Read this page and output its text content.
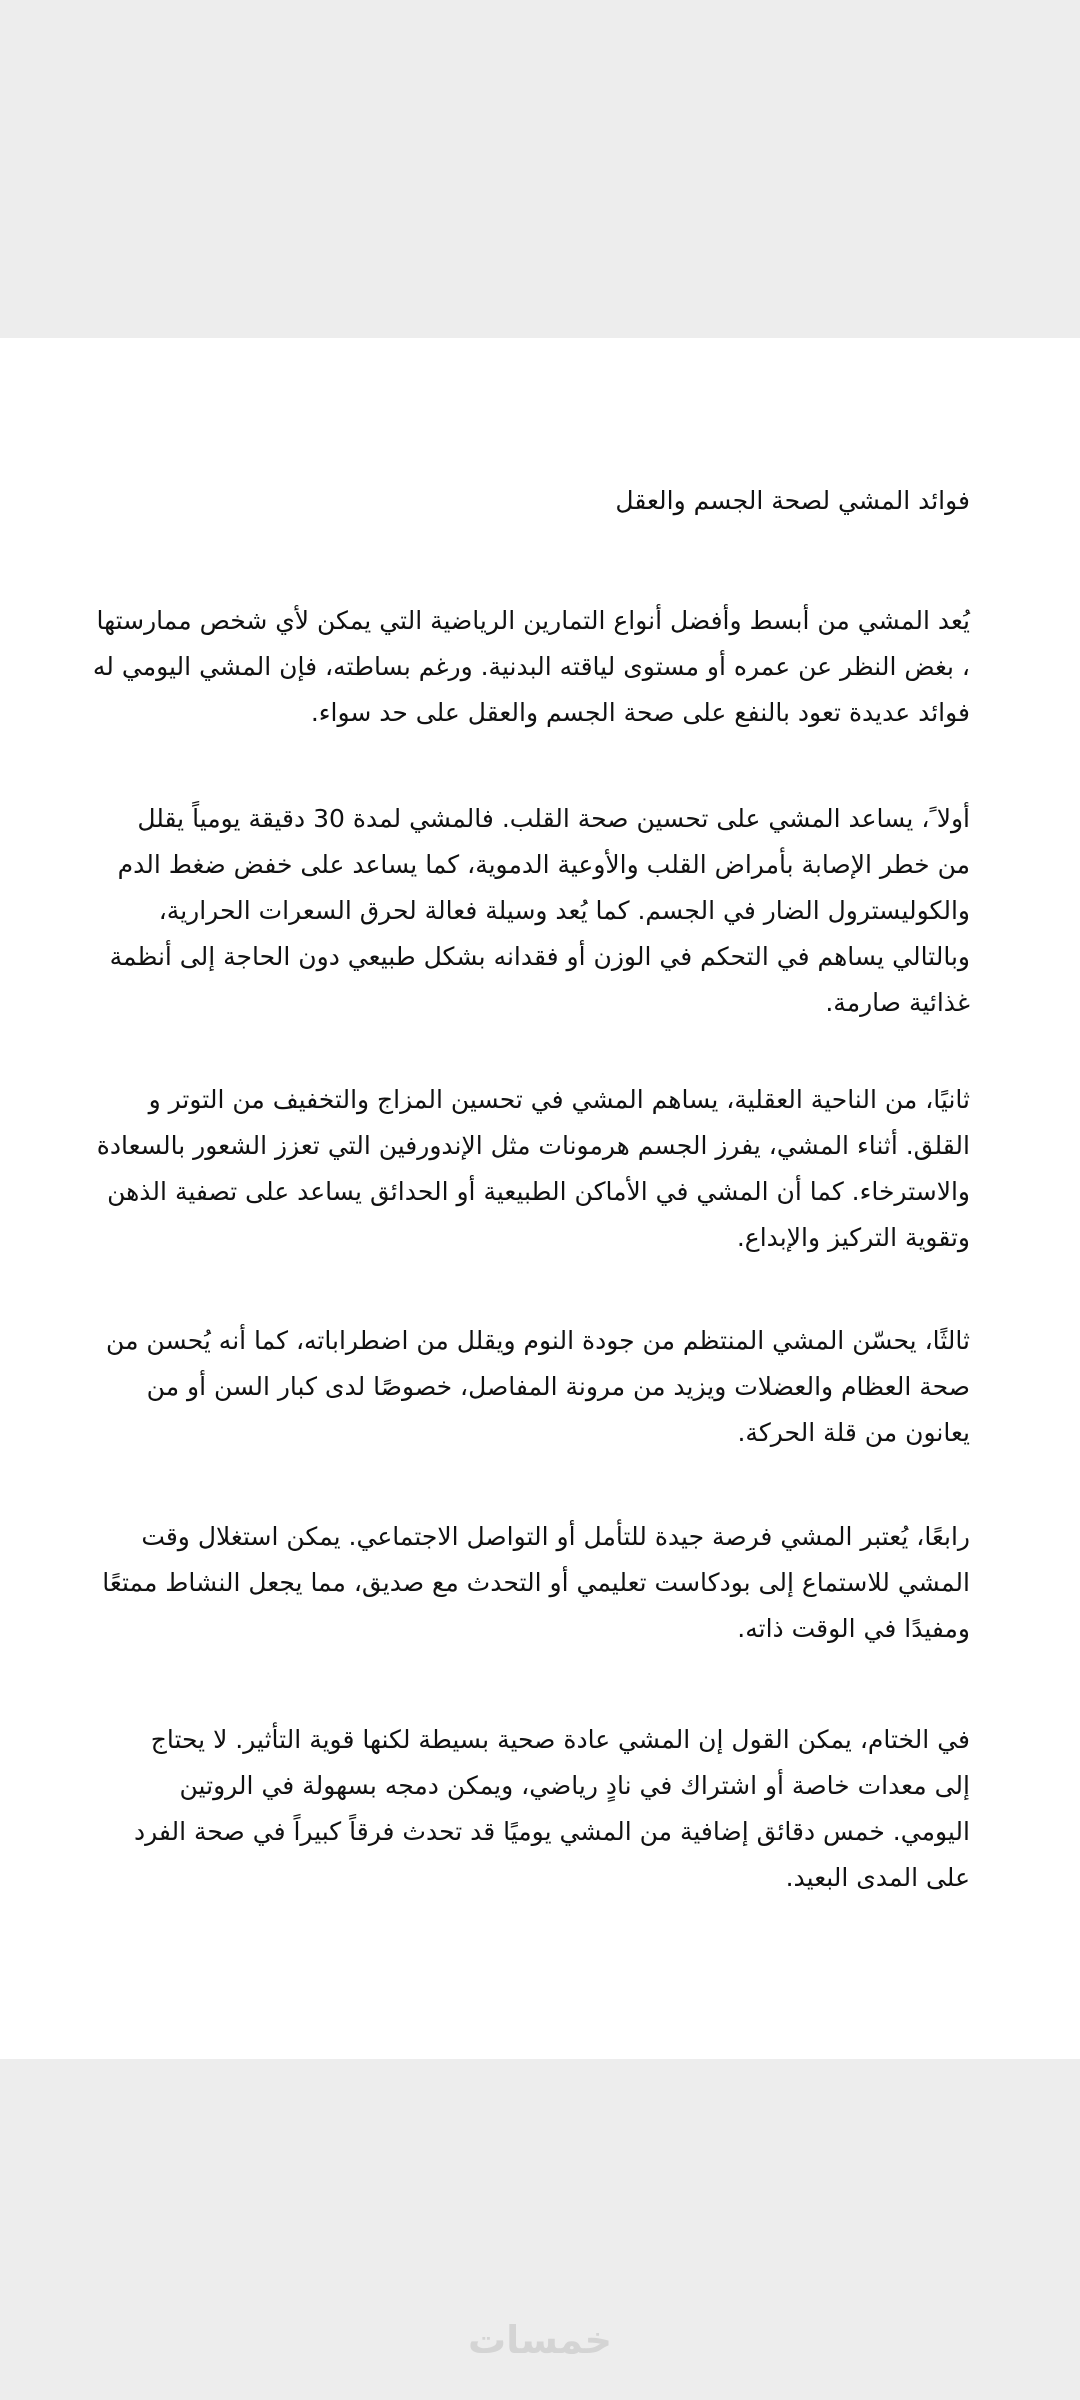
فوائد المشي لصحة الجسم والعقل
يُعد المشي من أبسط وأفضل أنواع التمارين الرياضية التي يمكن لأي شخص ممارستها
، بغض النظر عن عمره أو مستوى لياقته البدنية. ورغم بساطته، فإن المشي اليومي له
فوائد عديدة تعود بالنفع على صحة الجسم والعقل على حد سواء.
أولا ً، يساعد المشي على تحسين صحة القلب. فالمشي لمدة 30 دقيقة يومياً يقلل
من خطر الإصابة بأمراض القلب والأوعية الدموية، كما يساعد على خفض ضغط الدم
والكوليسترول الضار في الجسم. كما يُعد وسيلة فعالة لحرق السعرات الحرارية،
وبالتالي يساهم في التحكم في الوزن أو فقدانه بشكل طبيعي دون الحاجة إلى أنظمة
غذائية صارمة.
ثانيًا، من الناحية العقلية، يساهم المشي في تحسين المزاج والتخفيف من التوتر و
القلق. أثناء المشي، يفرز الجسم هرمونات مثل الإندورفين التي تعزز الشعور بالسعادة
والاسترخاء. كما أن المشي في الأماكن الطبيعية أو الحدائق يساعد على تصفية الذهن
وتقوية التركيز والإبداع.
ثالثًا، يحسّن المشي المنتظم من جودة النوم ويقلل من اضطراباته، كما أنه يُحسن من
صحة العظام والعضلات ويزيد من مرونة المفاصل، خصوصًا لدى كبار السن أو من
يعانون من قلة الحركة.
رابعًا، يُعتبر المشي فرصة جيدة للتأمل أو التواصل الاجتماعي. يمكن استغلال وقت
المشي للاستماع إلى بودكاست تعليمي أو التحدث مع صديق، مما يجعل النشاط ممتعًا
ومفيدًا في الوقت ذاته.
في الختام، يمكن القول إن المشي عادة صحية بسيطة لكنها قوية التأثير. لا يحتاج
إلى معدات خاصة أو اشتراك في نادٍ رياضي، ويمكن دمجه بسهولة في الروتين
اليومي. خمس دقائق إضافية من المشي يوميًا قد تحدث فرقاً كبيراً في صحة الفرد
على المدى البعيد.
خمسات
